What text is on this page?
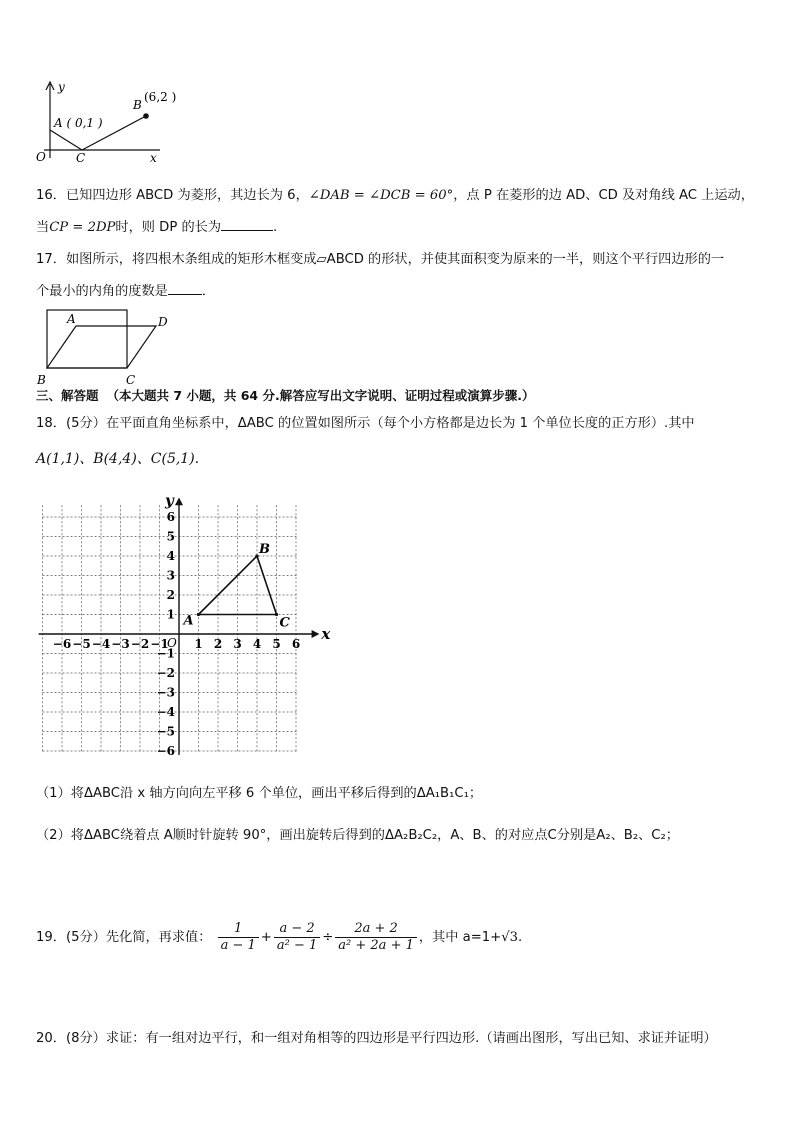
y
x
O
A ( 0,1 )
B
(6,2 )
C
16．已知四边形 ABCD 为菱形，其边长为 6，∠DAB = ∠DCB = 60°，点 P 在菱形的边 AD、CD 及对角线 AC 上运动，
当CP = 2DP时，则 DP 的长为	.
17．如图所示，将四根木条组成的矩形木框变成▱ABCD 的形状，并使其面积变为原来的一半，则这个平行四边形的一
个最小的内角的度数是	．
A	D
B	C
三、解答题 （本大题共 7 小题，共 64 分.解答应写出文字说明、证明过程或演算步骤.）
18．(5分）在平面直角坐标系中，ΔABC 的位置如图所示（每个小方格都是边长为 1 个单位长度的正方形）.其中
A(1,1)、B(4,4)、C(5,1).
−6 −5 −4 −3 −2 −1 1 2 3 4 5 6
6
5
4
3
2
1
−1
−2
−3
−4
−5
−6
x
y
O
A
B
C
（1）将ΔABC沿 x 轴方向向左平移 6 个单位，画出平移后得到的ΔA₁B₁C₁；
（2）将ΔABC绕着点 A顺时针旋转 90°，画出旋转后得到的ΔA₂B₂C₂，A、B、的对应点C分别是A₂、B₂、C₂；
19．(5分）先化简，再求值： $\frac{1}{a - 1} + \frac{a - 2}{\text{a² − 1}} \div \frac{2a + 2}{\text{a² + 2a + 1}}$ ，其中 a=1+√3.
20．(8分）求证：有一组对边平行，和一组对角相等的四边形是平行四边形.（请画出图形，写出已知、求证并证明）
